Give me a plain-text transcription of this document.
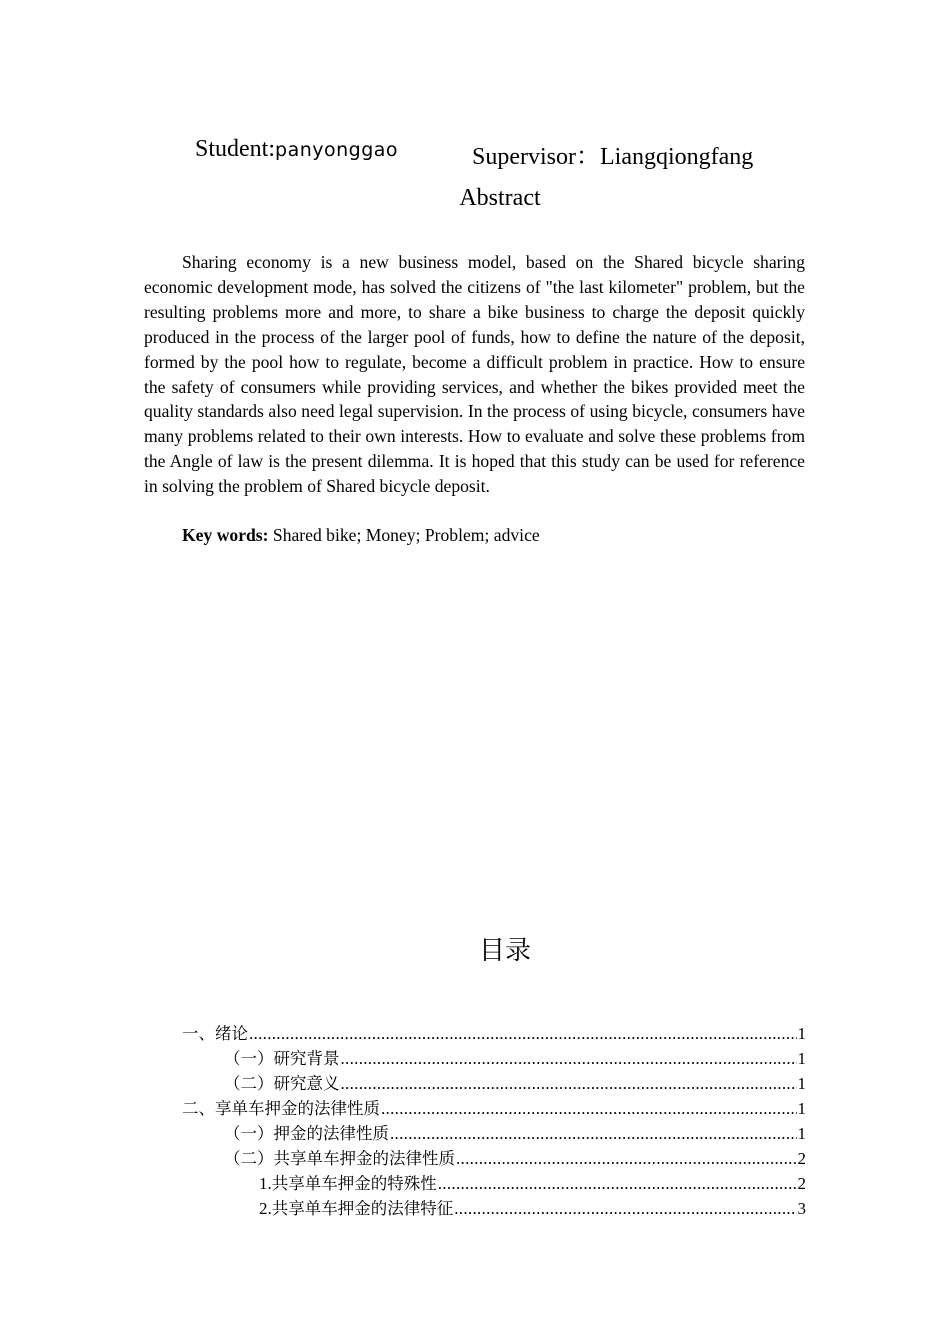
Student:panyonggao	Supervisor：Liangqiongfang
Abstract

Sharing economy is a new business model, based on the Shared bicycle sharing economic development mode, has solved the citizens of "the last kilometer" problem, but the resulting problems more and more, to share a bike business to charge the deposit quickly produced in the process of the larger pool of funds, how to define the nature of the deposit, formed by the pool how to regulate, become a difficult problem in practice. How to ensure the safety of consumers while providing services, and whether the bikes provided meet the quality standards also need legal supervision. In the process of using bicycle, consumers have many problems related to their own interests. How to evaluate and solve these problems from the Angle of law is the present dilemma. It is hoped that this study can be used for reference in solving the problem of Shared bicycle deposit.

Key words: Shared bike; Money; Problem; advice
目录
一、绪论 .....	1
（一）研究背景 .....	1
（二）研究意义 .....	1
二、享单车押金的法律性质 .....	1
（一）押金的法律性质 .....	1
（二）共享单车押金的法律性质 .....	2
1.共享单车押金的特殊性 .....	2
2.共享单车押金的法律特征 .....	3
